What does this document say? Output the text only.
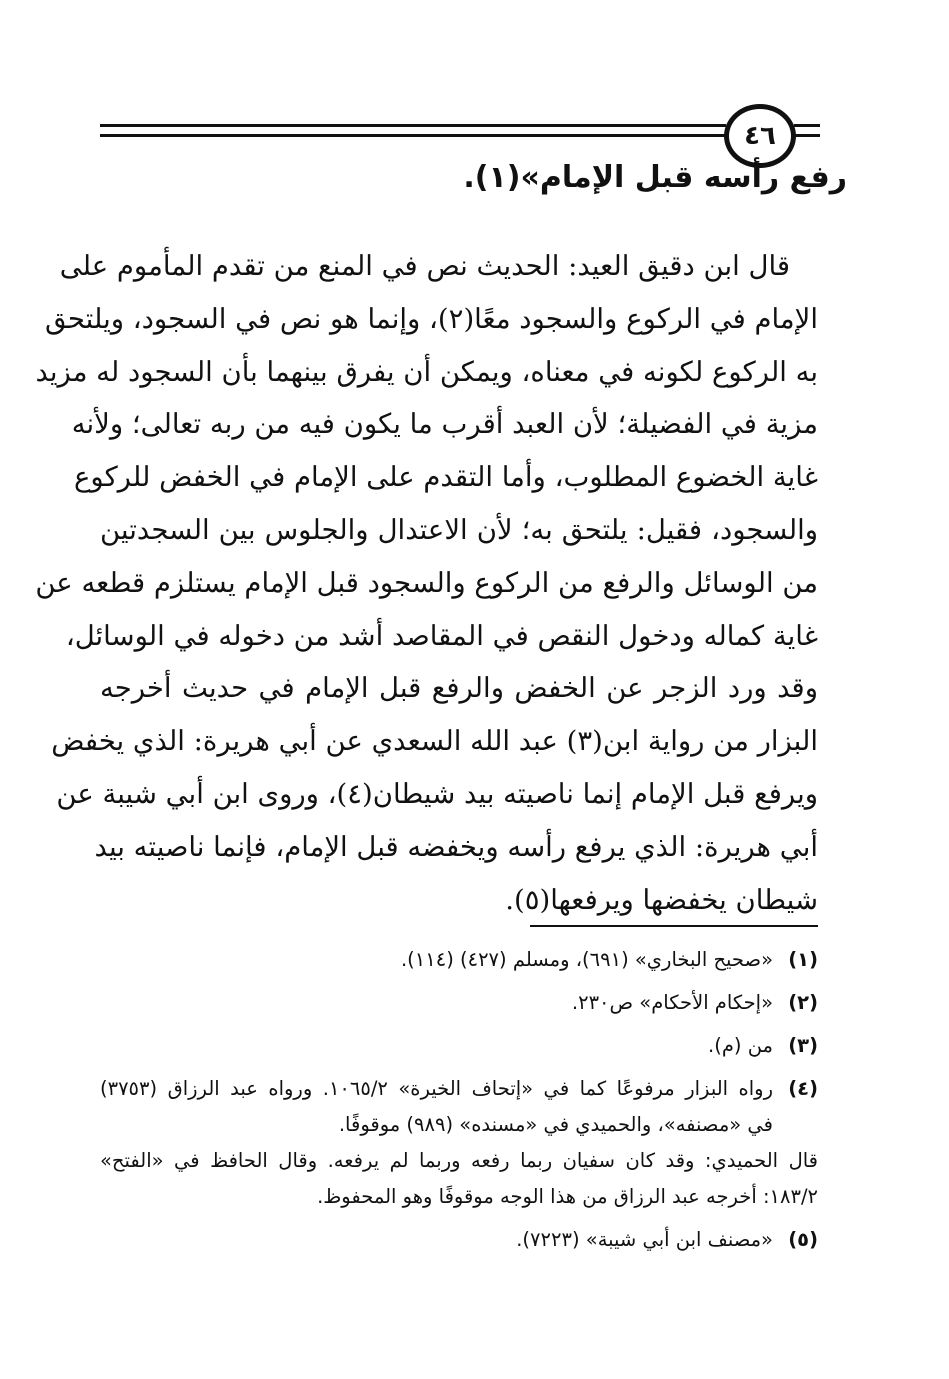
٤٦
رفع رأسه قبل الإمام»(١).
قال ابن دقيق العيد: الحديث نص في المنع من تقدم المأموم على
الإمام في الركوع والسجود معًا(٢)، وإنما هو نص في السجود، ويلتحق
به الركوع لكونه في معناه، ويمكن أن يفرق بينهما بأن السجود له مزيد
مزية في الفضيلة؛ لأن العبد أقرب ما يكون فيه من ربه تعالى؛ ولأنه
غاية الخضوع المطلوب، وأما التقدم على الإمام في الخفض للركوع
والسجود، فقيل: يلتحق به؛ لأن الاعتدال والجلوس بين السجدتين
من الوسائل والرفع من الركوع والسجود قبل الإمام يستلزم قطعه عن
غاية كماله ودخول النقص في المقاصد أشد من دخوله في الوسائل،
وقد ورد الزجر عن الخفض والرفع قبل الإمام في حديث أخرجه
البزار من رواية ابن(٣) عبد الله السعدي عن أبي هريرة: الذي يخفض
ويرفع قبل الإمام إنما ناصيته بيد شيطان(٤)، وروى ابن أبي شيبة عن
أبي هريرة: الذي يرفع رأسه ويخفضه قبل الإمام، فإنما ناصيته بيد
شيطان يخفضها ويرفعها(٥).
(١)
«صحيح البخاري» (٦٩١)، ومسلم (٤٢٧) (١١٤).
(٢)
«إحكام الأحكام» ص٢٣٠.
(٣)
من (م).
(٤)
رواه البزار مرفوعًا كما في «إتحاف الخيرة» ١٠٦٥/٢. ورواه عبد الرزاق (٣٧٥٣)
في «مصنفه»، والحميدي في «مسنده» (٩٨٩) موقوفًا.
قال الحميدي: وقد كان سفيان ربما رفعه وربما لم يرفعه. وقال الحافظ في «الفتح»
١٨٣/٢: أخرجه عبد الرزاق من هذا الوجه موقوفًا وهو المحفوظ.
(٥)
«مصنف ابن أبي شيبة» (٧٢٢٣).
